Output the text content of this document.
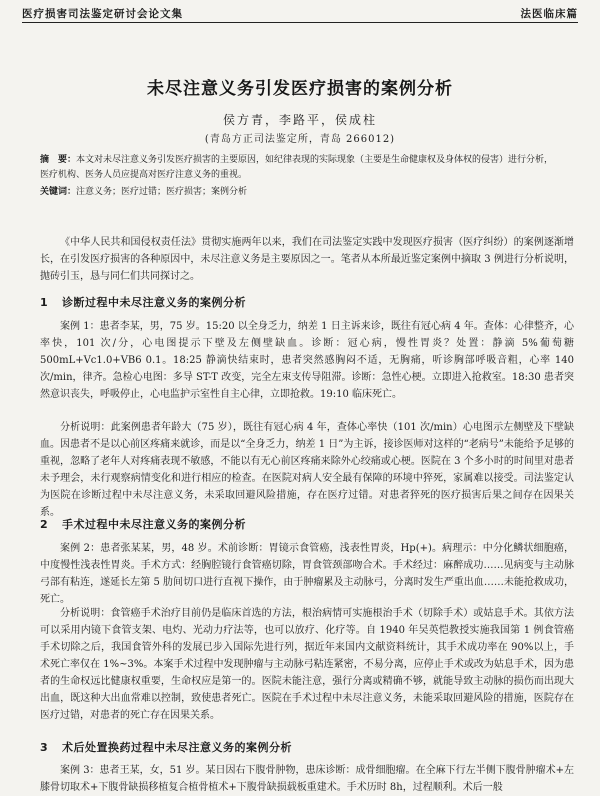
医疗损害司法鉴定研讨会论文集	法医临床篇
未尽注意义务引发医疗损害的案例分析
侯方青，李路平，侯成柱
(青岛方正司法鉴定所，青岛 266012)
摘　要：本文对未尽注意义务引发医疗损害的主要原因，如纪律表现的实际现象（主要是生命健康权及身体权的侵害）进行分析，医疗机构、医务人员应提高对医疗注意义务的重视。
关键词：注意义务；医疗过错；医疗损害；案例分析
《中华人民共和国侵权责任法》贯彻实施两年以来，我们在司法鉴定实践中发现医疗损害（医疗纠纷）的案例逐渐增长，在引发医疗损害的各种原因中，未尽注意义务是主要原因之一。笔者从本所最近鉴定案例中摘取 3 例进行分析说明，抛砖引玉，恳与同仁们共同探讨之。
1 诊断过程中未尽注意义务的案例分析
案例 1：患者李某，男，75 岁。15:20 以全身乏力，纳差 1 日主诉来诊，既往有冠心病 4 年。查体：心律整齐，心率快，101 次/分，心电图提示下壁及左侧壁缺血。诊断：冠心病，慢性胃炎？处置：静滴 5%葡萄糖 500mL+Vc1.0+VB6 0.1。18:25 静滴快结束时，患者突然感胸闷不适，无胸痛，听诊胸部呼吸音粗，心率 140 次/min，律齐。急检心电图：多导 ST-T 改变，完全左束支传导阻滞。诊断：急性心梗。立即进入抢救室。18:30 患者突然意识丧失，呼吸停止，心电监护示室性自主心律，立即抢救。19:10 临床死亡。
分析说明：此案例患者年龄大（75 岁），既往有冠心病 4 年，查体心率快（101 次/min）心电图示左侧壁及下壁缺血。因患者不是以心前区疼痛来就诊，而是以“全身乏力，纳差 1 日”为主诉，接诊医师对这样的“老病号”未能给予足够的重视，忽略了老年人对疼痛表现不敏感，不能以有无心前区疼痛来除外心绞痛或心梗。医院在 3 个多小时的时间里对患者未予理会，未行观察病情变化和进行相应的检查。在医院对病人安全最有保障的环境中猝死，家属难以接受。司法鉴定认为医院在诊断过程中未尽注意义务，未采取回避风险措施，存在医疗过错。对患者猝死的医疗损害后果之间存在因果关系。
2 手术过程中未尽注意义务的案例分析
案例 2：患者张某某，男，48 岁。术前诊断：胃镜示食管癌，浅表性胃炎，Hp(+)。病理示：中分化鳞状细胞癌，中度慢性浅表性胃炎。手术方式：经胸腔镜行食管癌切除，胃食管颈部吻合术。手术经过：麻醉成功……见病变与主动脉弓部有粘连，遂延长左第 5 肋间切口进行直视下操作，由于肿瘤累及主动脉弓，分离时发生严重出血……未能抢救成功，死亡。
分析说明：食管癌手术治疗目前仍是临床首选的方法，根治病情可实施根治手术（切除手术）或姑息手术。其依方法可以采用内镜下食管支架、电灼、光动力疗法等，也可以放疗、化疗等。自 1940 年吴英恺教授实施我国第 1 例食管癌手术切除之后，我国食管外科的发展已步入国际先进行列，据近年来国内文献资料统计，其手术成功率在 90%以上，手术死亡率仅在 1%~3%。本案手术过程中发现肿瘤与主动脉弓粘连紧密，不易分离，应停止手术或改为姑息手术，因为患者的生命权远比健康权重要，生命权应是第一的。医院未能注意，强行分离或精确不够，就能导致主动脉的损伤而出现大出血，既这种大出血常难以控制，致使患者死亡。医院在手术过程中未尽注意义务，未能采取回避风险的措施，医院存在医疗过错，对患者的死亡存在因果关系。
3 术后处置换药过程中未尽注意义务的案例分析
案例 3：患者王某，女，51 岁。某日因右下腹骨肿物，患床诊断：成骨细胞瘤。在全麻下行左半侧下腹骨肿瘤术+左膝骨切取术+下腹骨缺损移植复合植骨植术+下腹骨缺损载板重建术。手术历时 8h，过程顺利。术后一般
